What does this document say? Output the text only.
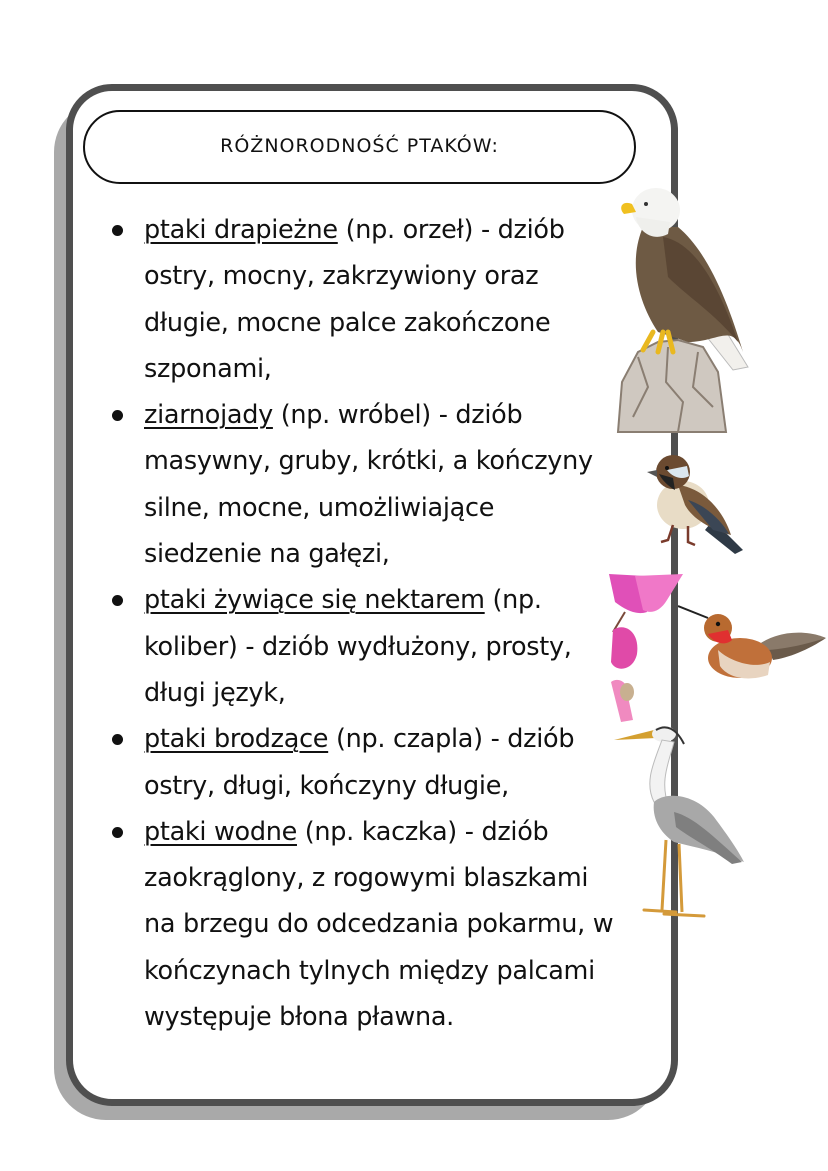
RÓŻNORODNOŚĆ PTAKÓW:
ptaki drapieżne (np. orzeł) - dziób
ostry, mocny, zakrzywiony oraz
długie, mocne palce zakończone
szponami,
ziarnojady (np. wróbel) - dziób
masywny, gruby, krótki, a kończyny
silne, mocne, umożliwiające
siedzenie na gałęzi,
ptaki żywiące się nektarem (np.
koliber) - dziób wydłużony, prosty,
długi język,
ptaki brodzące (np. czapla) - dziób
ostry, długi, kończyny długie,
ptaki wodne (np. kaczka) - dziób
zaokrąglony, z rogowymi blaszkami
na brzegu do odcedzania pokarmu, w
kończynach tylnych między palcami
występuje błona pławna.
